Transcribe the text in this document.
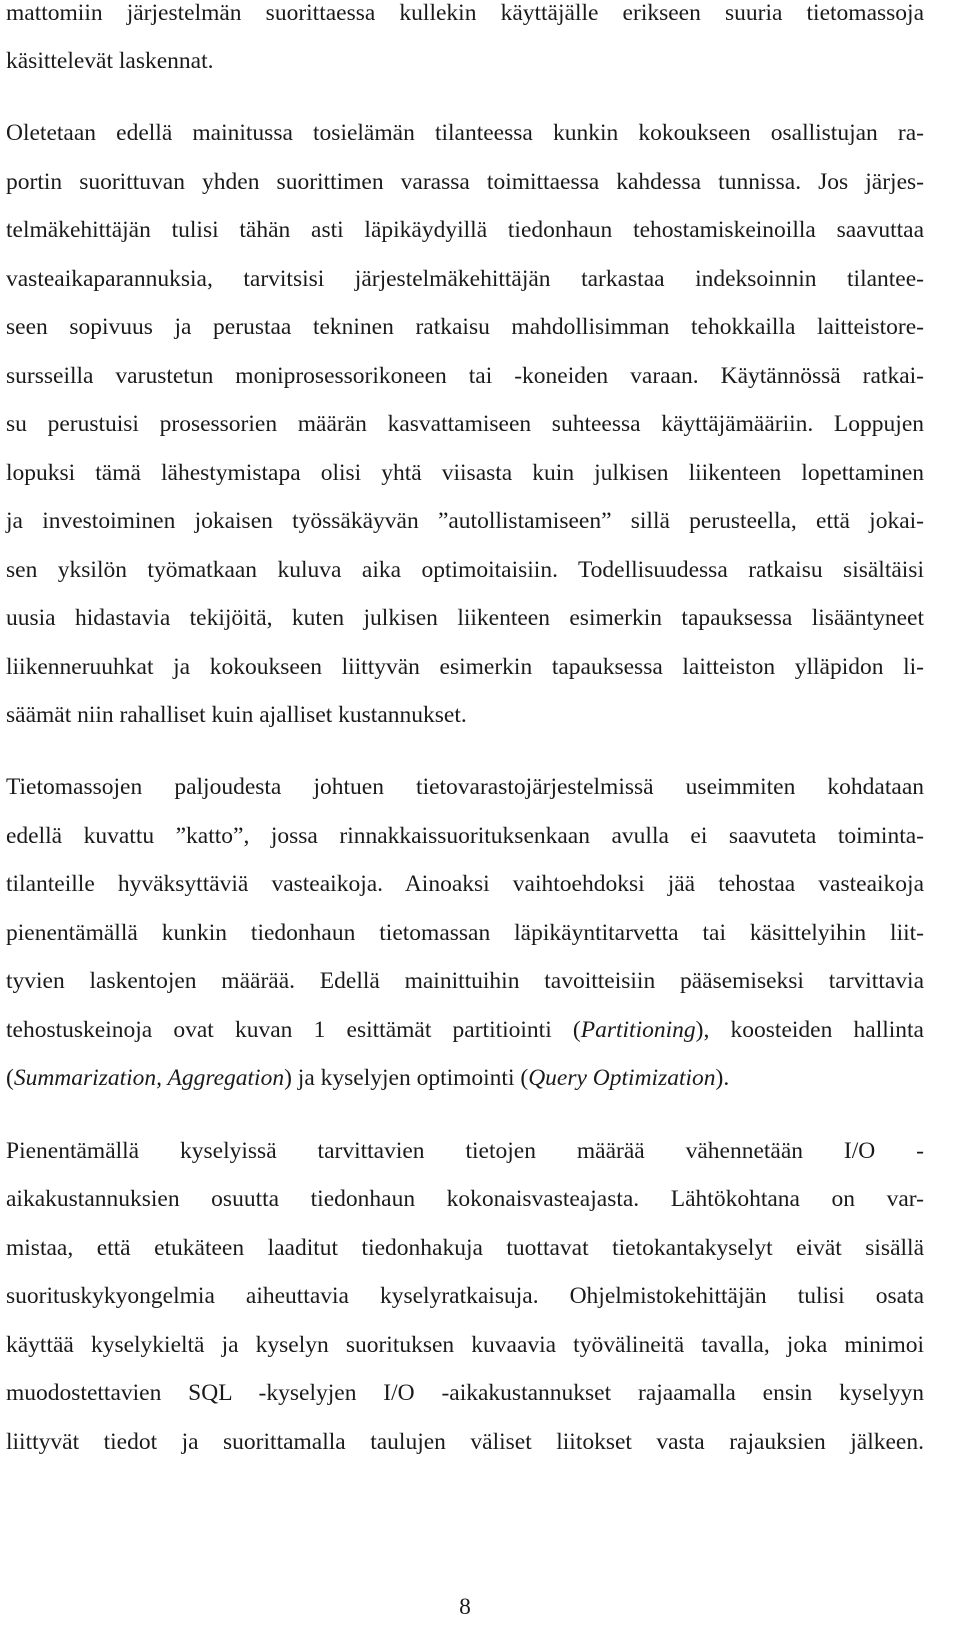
mattomiin järjestelmän suorittaessa kullekin käyttäjälle erikseen suuria tietomassoja
käsittelevät laskennat.
Oletetaan edellä mainitussa tosielämän tilanteessa kunkin kokoukseen osallistujan ra-
portin suorittuvan yhden suorittimen varassa toimittaessa kahdessa tunnissa. Jos järjes-
telmäkehittäjän tulisi tähän asti läpikäydyillä tiedonhaun tehostamiskeinoilla saavuttaa
vasteaikaparannuksia, tarvitsisi järjestelmäkehittäjän tarkastaa indeksoinnin tilantee-
seen sopivuus ja perustaa tekninen ratkaisu mahdollisimman tehokkailla laitteistore-
sursseilla varustetun moniprosessorikoneen tai -koneiden varaan. Käytännössä ratkai-
su perustuisi prosessorien määrän kasvattamiseen suhteessa käyttäjämääriin. Loppujen
lopuksi tämä lähestymistapa olisi yhtä viisasta kuin julkisen liikenteen lopettaminen
ja investoiminen jokaisen työssäkäyvän ”autollistamiseen” sillä perusteella, että jokai-
sen yksilön työmatkaan kuluva aika optimoitaisiin. Todellisuudessa ratkaisu sisältäisi
uusia hidastavia tekijöitä, kuten julkisen liikenteen esimerkin tapauksessa lisääntyneet
liikenneruuhkat ja kokoukseen liittyvän esimerkin tapauksessa laitteiston ylläpidon li-
säämät niin rahalliset kuin ajalliset kustannukset.
Tietomassojen paljoudesta johtuen tietovarastojärjestelmissä useimmiten kohdataan
edellä kuvattu ”katto”, jossa rinnakkaissuorituksenkaan avulla ei saavuteta toiminta-
tilanteille hyväksyttäviä vasteaikoja. Ainoaksi vaihtoehdoksi jää tehostaa vasteaikoja
pienentämällä kunkin tiedonhaun tietomassan läpikäyntitarvetta tai käsittelyihin liit-
tyvien laskentojen määrää. Edellä mainittuihin tavoitteisiin pääsemiseksi tarvittavia
tehostuskeinoja ovat kuvan 1 esittämät partitiointi (Partitioning), koosteiden hallinta
(Summarization, Aggregation) ja kyselyjen optimointi (Query Optimization).
Pienentämällä kyselyissä tarvittavien tietojen määrää vähennetään I/O -
aikakustannuksien osuutta tiedonhaun kokonaisvasteajasta. Lähtökohtana on var-
mistaa, että etukäteen laaditut tiedonhakuja tuottavat tietokantakyselyt eivät sisällä
suorituskykyongelmia aiheuttavia kyselyratkaisuja. Ohjelmistokehittäjän tulisi osata
käyttää kyselykieltä ja kyselyn suorituksen kuvaavia työvälineitä tavalla, joka minimoi
muodostettavien SQL -kyselyjen I/O -aikakustannukset rajaamalla ensin kyselyyn
liittyvät tiedot ja suorittamalla taulujen väliset liitokset vasta rajauksien jälkeen.
8
